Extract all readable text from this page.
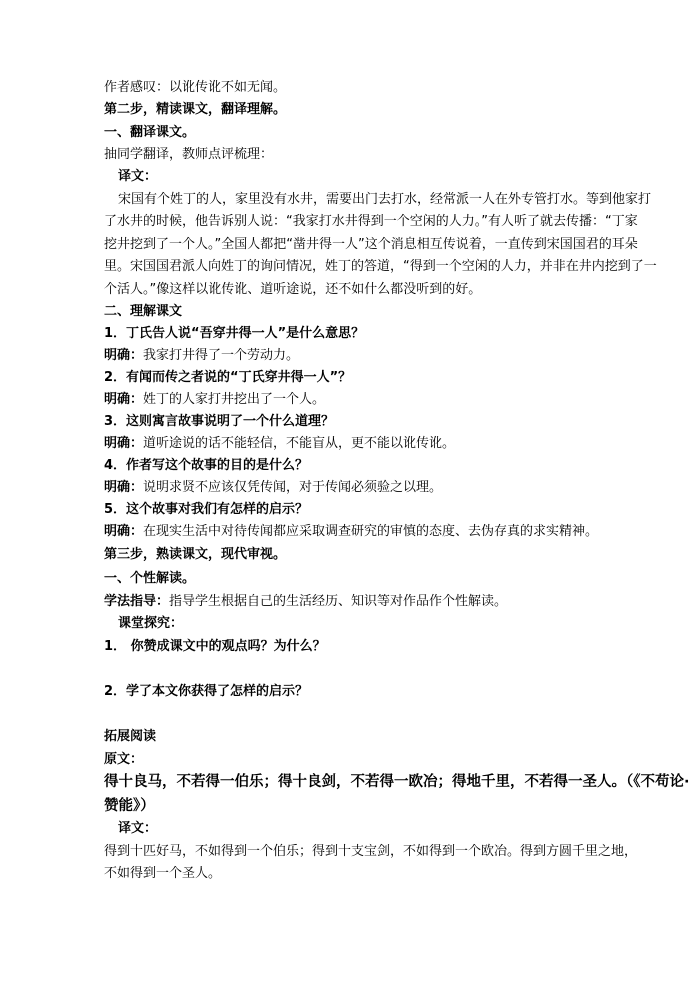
作者感叹：以讹传讹不如无闻。
第二步，精读课文，翻译理解。
一、翻译课文。
抽同学翻译，教师点评梳理：
译文：
宋国有个姓丁的人，家里没有水井，需要出门去打水，经常派一人在外专管打水。等到他家打
了水井的时候，他告诉别人说：“我家打水井得到一个空闲的人力。”有人听了就去传播：“丁家
挖井挖到了一个人。”全国人都把“凿井得一人”这个消息相互传说着，一直传到宋国国君的耳朵
里。宋国国君派人向姓丁的询问情况，姓丁的答道，“得到一个空闲的人力，并非在井内挖到了一
个活人。”像这样以讹传讹、道听途说，还不如什么都没听到的好。
二、理解课文
1．丁氏告人说“吾穿井得一人”是什么意思？
明确：我家打井得了一个劳动力。
2．有闻而传之者说的“丁氏穿井得一人”？
明确：姓丁的人家打井挖出了一个人。
3．这则寓言故事说明了一个什么道理？
明确：道听途说的话不能轻信，不能盲从，更不能以讹传讹。
4．作者写这个故事的目的是什么？
明确：说明求贤不应该仅凭传闻，对于传闻必须验之以理。
5．这个故事对我们有怎样的启示？
明确：在现实生活中对待传闻都应采取调查研究的审慎的态度、去伪存真的求实精神。
第三步，熟读课文，现代审视。
一、个性解读。
学法指导：指导学生根据自己的生活经历、知识等对作品作个性解读。
课堂探究：
1． 你赞成课文中的观点吗？为什么？
2．学了本文你获得了怎样的启示？
拓展阅读
原文：
得十良马，不若得一伯乐；得十良剑，不若得一欧冶；得地千里，不若得一圣人。（《不苟论·
赞能》）
译文：
得到十匹好马，不如得到一个伯乐；得到十支宝剑，不如得到一个欧冶。得到方圆千里之地，
不如得到一个圣人。
